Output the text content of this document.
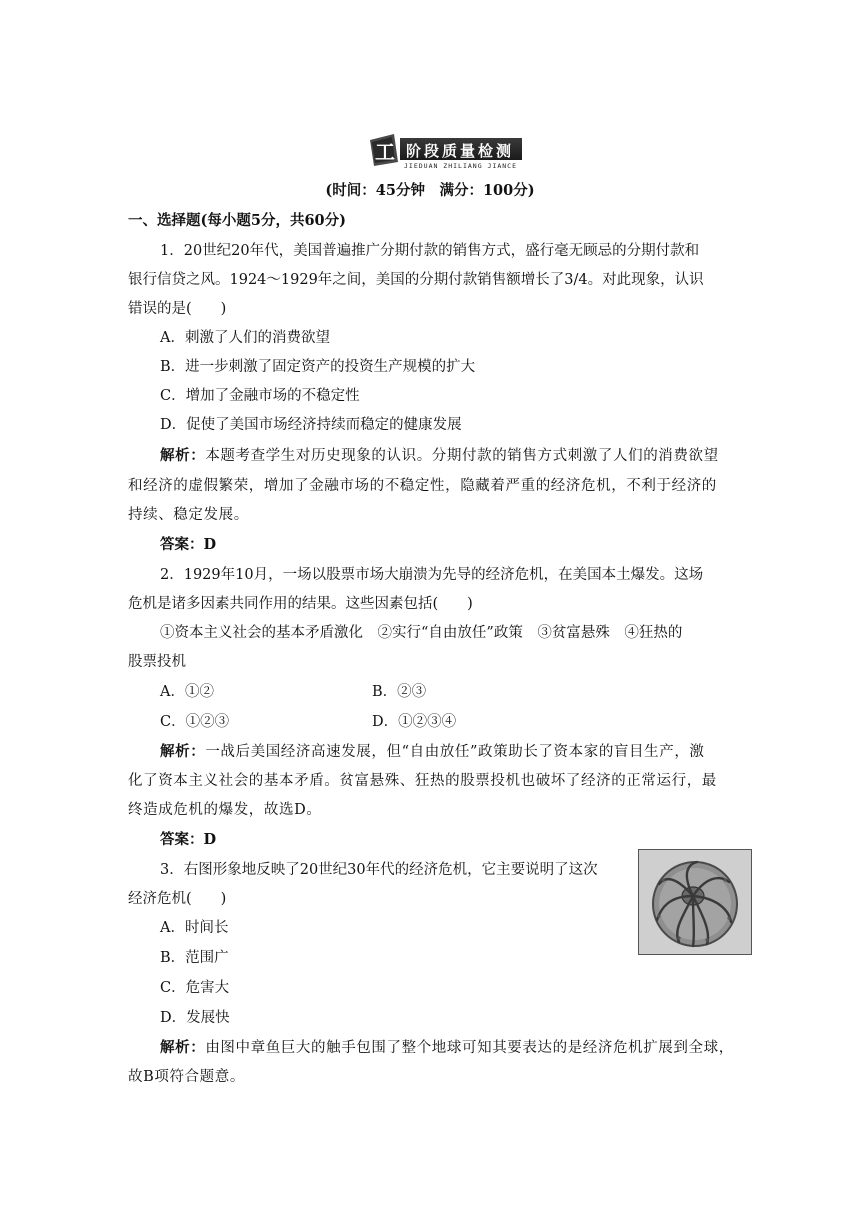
工 阶段质量检测
JIEDUAN ZHILIANG JIANCE
(时间：45分钟　满分：100分)
一、选择题(每小题5分，共60分)
1．20世纪20年代，美国普遍推广分期付款的销售方式，盛行毫无顾忌的分期付款和
银行信贷之风。1924～1929年之间，美国的分期付款销售额增长了3/4。对此现象，认识
错误的是(　　)
A．刺激了人们的消费欲望
B．进一步刺激了固定资产的投资生产规模的扩大
C．增加了金融市场的不稳定性
D．促使了美国市场经济持续而稳定的健康发展
解析：本题考查学生对历史现象的认识。分期付款的销售方式刺激了人们的消费欲望
和经济的虚假繁荣，增加了金融市场的不稳定性，隐藏着严重的经济危机，不利于经济的
持续、稳定发展。
答案：D
2．1929年10月，一场以股票市场大崩溃为先导的经济危机，在美国本土爆发。这场
危机是诸多因素共同作用的结果。这些因素包括(　　)
①资本主义社会的基本矛盾激化　②实行“自由放任”政策　③贫富悬殊　④狂热的
股票投机
A．①②	B．②③
C．①②③	D．①②③④
解析：一战后美国经济高速发展，但“自由放任”政策助长了资本家的盲目生产，激
化了资本主义社会的基本矛盾。贫富悬殊、狂热的股票投机也破坏了经济的正常运行，最
终造成危机的爆发，故选D。
答案：D
3．右图形象地反映了20世纪30年代的经济危机，它主要说明了这次
经济危机(　　)
A．时间长
B．范围广
C．危害大
D．发展快
解析：由图中章鱼巨大的触手包围了整个地球可知其要表达的是经济危机扩展到全球，
故B项符合题意。
